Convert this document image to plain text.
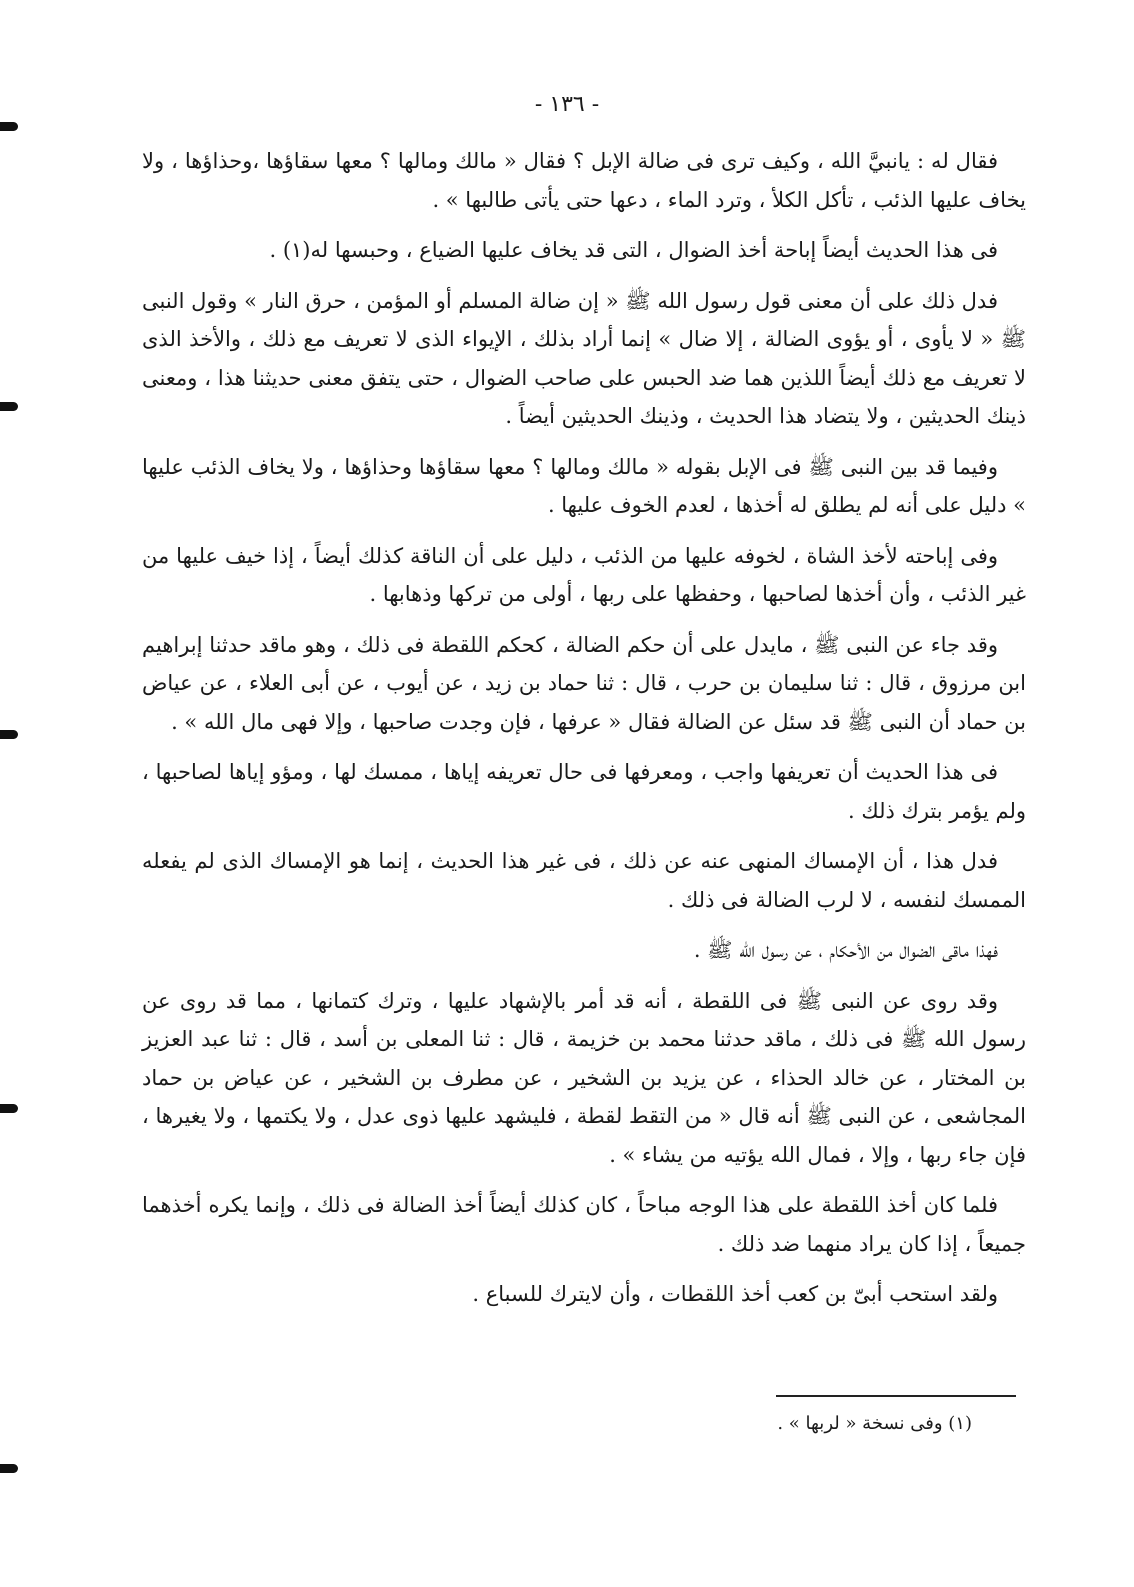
- ١٣٦ -

فقال له : يانبيَّ الله ، وكيف ترى فى ضالة الإبل ؟ فقال « مالك ومالها ؟ معها سقاؤها ،وحذاؤها ، ولا يخاف عليها الذئب ، تأكل الكلأ ، وترد الماء ، دعها حتى يأتى طالبها » .

فى هذا الحديث أيضاً إباحة أخذ الضوال ، التى قد يخاف عليها الضياع ، وحبسها له(١) .

فدل ذلك على أن معنى قول رسول الله ﷺ « إن ضالة المسلم أو المؤمن ، حرق النار » وقول النبى ﷺ « لا يأوى ، أو يؤوى الضالة ، إلا ضال » إنما أراد بذلك ، الإيواء الذى لا تعريف مع ذلك ، والأخذ الذى لا تعريف مع ذلك أيضاً اللذين هما ضد الحبس على صاحب الضوال ، حتى يتفق معنى حديثنا هذا ، ومعنى ذينك الحديثين ، ولا يتضاد هذا الحديث ، وذينك الحديثين أيضاً .

وفيما قد بين النبى ﷺ فى الإبل بقوله « مالك ومالها ؟ معها سقاؤها وحذاؤها ، ولا يخاف الذئب عليها » دليل على أنه لم يطلق له أخذها ، لعدم الخوف عليها .

وفى إباحته لأخذ الشاة ، لخوفه عليها من الذئب ، دليل على أن الناقة كذلك أيضاً ، إذا خيف عليها من غير الذئب ، وأن أخذها لصاحبها ، وحفظها على ربها ، أولى من تركها وذهابها .

وقد جاء عن النبى ﷺ ، مايدل على أن حكم الضالة ، كحكم اللقطة فى ذلك ، وهو ماقد حدثنا إبراهيم ابن مرزوق ، قال : ثنا سليمان بن حرب ، قال : ثنا حماد بن زيد ، عن أيوب ، عن أبى العلاء ، عن عياض بن حماد أن النبى ﷺ قد سئل عن الضالة فقال « عرفها ، فإن وجدت صاحبها ، وإلا فهى مال الله » .

فى هذا الحديث أن تعريفها واجب ، ومعرفها فى حال تعريفه إياها ، ممسك لها ، ومؤو إياها لصاحبها ، ولم يؤمر بترك ذلك .

فدل هذا ، أن الإمساك المنهى عنه عن ذلك ، فى غير هذا الحديث ، إنما هو الإمساك الذى لم يفعله الممسك لنفسه ، لا لرب الضالة فى ذلك .

فهذا ماقى الضوال من الأحكام ، عن رسول الله ﷺ .

وقد روى عن النبى ﷺ فى اللقطة ، أنه قد أمر بالإشهاد عليها ، وترك كتمانها ، مما قد روى عن رسول الله ﷺ فى ذلك ، ماقد حدثنا محمد بن خزيمة ، قال : ثنا المعلى بن أسد ، قال : ثنا عبد العزيز بن المختار ، عن خالد الحذاء ، عن يزيد بن الشخير ، عن مطرف بن الشخير ، عن عياض بن حماد المجاشعى ، عن النبى ﷺ أنه قال « من التقط لقطة ، فليشهد عليها ذوى عدل ، ولا يكتمها ، ولا يغيرها ، فإن جاء ربها ، وإلا ، فمال الله يؤتيه من يشاء » .

فلما كان أخذ اللقطة على هذا الوجه مباحاً ، كان كذلك أيضاً أخذ الضالة فى ذلك ، وإنما يكره أخذهما جميعاً ، إذا كان يراد منهما ضد ذلك .

ولقد استحب أبىّ بن كعب أخذ اللقطات ، وأن لايترك للسباع .

(١) وفى نسخة « لربها » .
